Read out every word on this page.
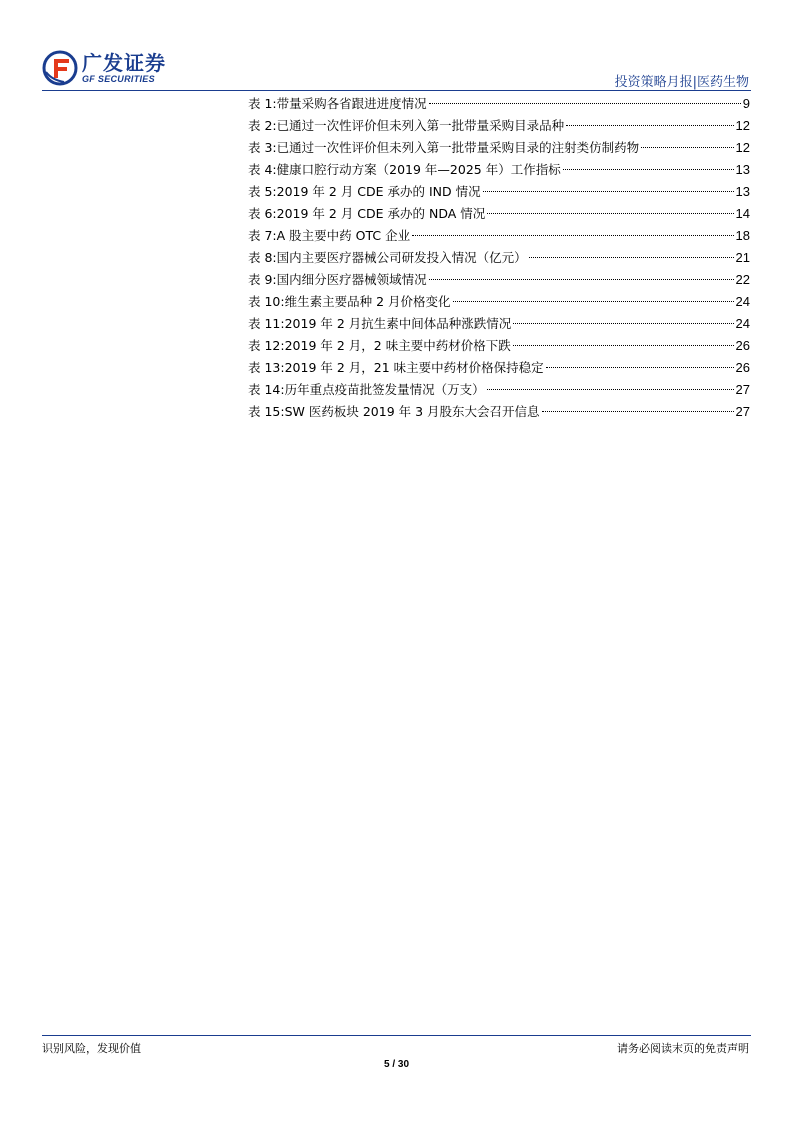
广发证券
GF SECURITIES	投资策略月报|医药生物
表 1: 带量采购各省跟进进度情况	9
表 2: 已通过一次性评价但未列入第一批带量采购目录品种	12
表 3: 已通过一次性评价但未列入第一批带量采购目录的注射类仿制药物	12
表 4: 健康口腔行动方案（2019 年—2025 年）工作指标	13
表 5: 2019 年 2 月 CDE 承办的 IND 情况	13
表 6: 2019 年 2 月 CDE 承办的 NDA 情况	14
表 7: A 股主要中药 OTC 企业	18
表 8: 国内主要医疗器械公司研发投入情况（亿元）	21
表 9: 国内细分医疗器械领域情况	22
表 10: 维生素主要品种 2 月价格变化	24
表 11: 2019 年 2 月抗生素中间体品种涨跌情况	24
表 12: 2019 年 2 月，2 味主要中药材价格下跌	26
表 13: 2019 年 2 月，21 味主要中药材价格保持稳定	26
表 14: 历年重点疫苗批签发量情况（万支）	27
表 15: SW 医药板块 2019 年 3 月股东大会召开信息	27
识别风险，发现价值	请务必阅读末页的免责声明
5 / 30
